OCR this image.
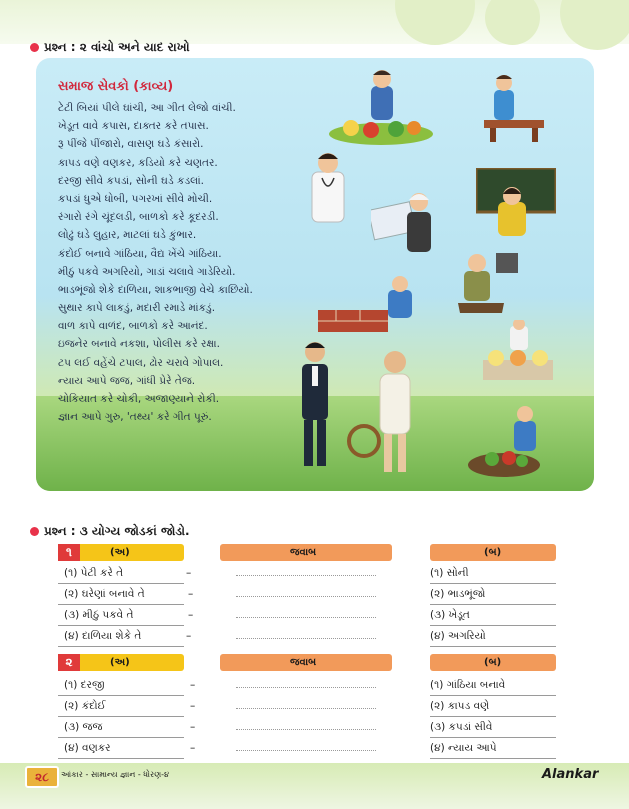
પ્રશ્ન : ૨ વાંચો અને યાદ રાખો
સમાજ સેવકો (કાવ્ય)
ટેટી બિયાં પીલે ઘાંચી, આ ગીત લેજો વાંચી.
ખેડૂત વાવે કપાસ, દાક્તર કરે તપાસ.
રૂ પીંજે પીંજારો, વાસણ ઘડે કંસારો.
કાપડ વણે વણકર, કડિયો કરે ચણતર.
દરજી સીવે કપડાં, સોની ઘડે કડલાં.
કપડાં ધુએ ધોબી, પગરખાં સીવે મોચી.
રંગારો રંગે ચૂંદલડી, બાળકો કરે કૂદરડી.
લોઢું ઘડે લુહાર, માટલાં ઘડે કુંભાર.
કંદોઈ બનાવે ગાંઠિયા, વૈદ્ય ખેંચે ગાંઠિયા.
મીઠું પકવે અગરિયો, ગાડાં ચલાવે ગાડેરિયો.
ભાડભૂંજો શેકે દાળિયા, શાકભાજી વેચે કાછિયો.
સુથાર કાપે લાકડું, મદારી રમાડે માંકડું.
વાળ કાપે વાળંદ, બાળકો કરે આનંદ.
ઇજનેર બનાવે નકશા, પોલીસ કરે રક્ષા.
ટપ લઈ વહેંચે ટપાલ, ઢોર ચરાવે ગોપાલ.
ન્યાય આપે જજ, ગાંધી પ્રેરે તેજ.
ચોકિયાત કરે ચોકી, અજાણ્યાને રોકી.
જ્ઞાન આપે ગુરુ, 'તથ્ય' કરે ગીત પૂરું.
પ્રશ્ન : ૩ યોગ્ય જોડકાં જોડો.
૧	(અ)	જવાબ	(બ)
(૧) પેટી કરે તે	–	(૧) સોની
(૨) ઘરેણાં બનાવે તે	–	(૨) ભાડભૂંજો
(૩) મીઠું પકવે તે	–	(૩) ખેડૂત
(૪) દાળિયા શેકે તે	–	(૪) અગરિયો
૨	(અ)	જવાબ	(બ)
(૧) દરજી	–	(૧) ગાંઠિયા બનાવે
(૨) કંદોઈ	–	(૨) કાપડ વણે
(૩) જજ	–	(૩) કપડાં સીવે
(૪) વણકર	–	(૪) ન્યાય આપે
૨૮	આંકાર - સામાન્ય જ્ઞાન - ધોરણ-૪	Alankar
